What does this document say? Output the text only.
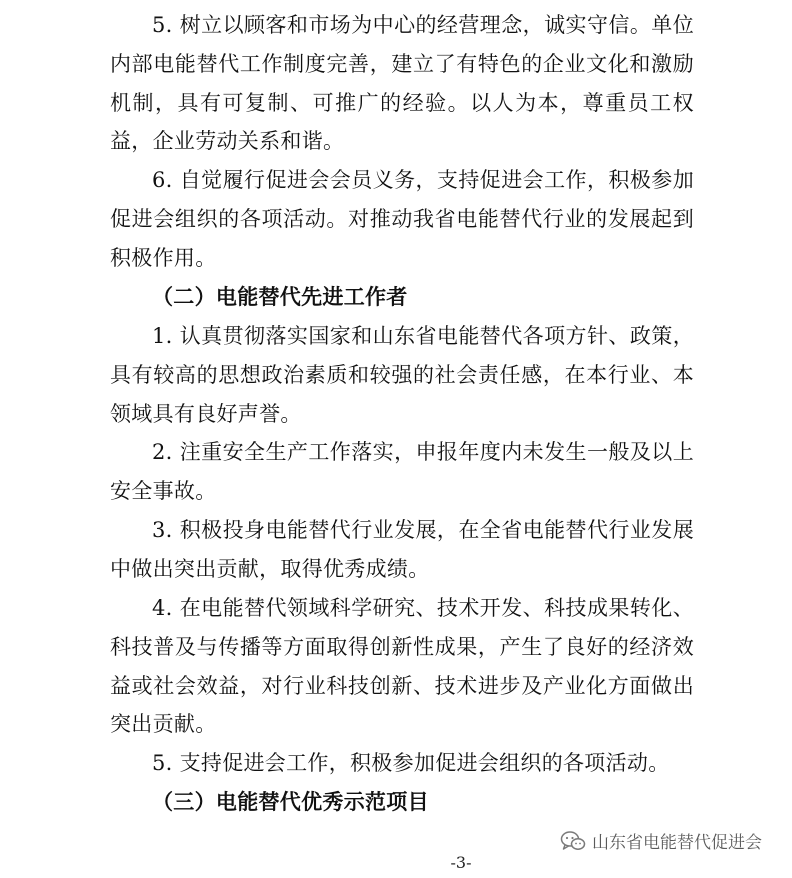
5. 树立以顾客和市场为中心的经营理念，诚实守信。单位内部电能替代工作制度完善，建立了有特色的企业文化和激励机制，具有可复制、可推广的经验。以人为本，尊重员工权益，企业劳动关系和谐。

6. 自觉履行促进会会员义务，支持促进会工作，积极参加促进会组织的各项活动。对推动我省电能替代行业的发展起到积极作用。

（二）电能替代先进工作者

1. 认真贯彻落实国家和山东省电能替代各项方针、政策，具有较高的思想政治素质和较强的社会责任感，在本行业、本领域具有良好声誉。

2. 注重安全生产工作落实，申报年度内未发生一般及以上安全事故。

3. 积极投身电能替代行业发展，在全省电能替代行业发展中做出突出贡献，取得优秀成绩。

4. 在电能替代领域科学研究、技术开发、科技成果转化、科技普及与传播等方面取得创新性成果，产生了良好的经济效益或社会效益，对行业科技创新、技术进步及产业化方面做出突出贡献。

5. 支持促进会工作，积极参加促进会组织的各项活动。

（三）电能替代优秀示范项目

山东省电能替代促进会
-3-
